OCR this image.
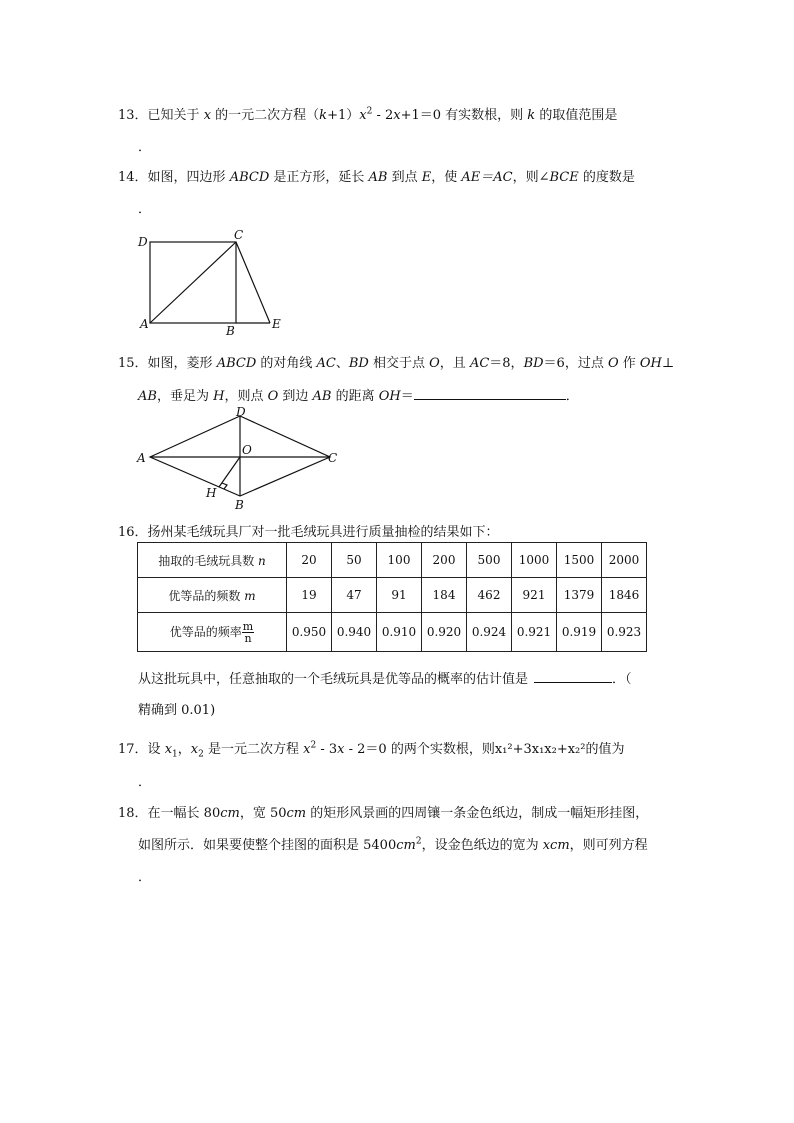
13．已知关于 x 的一元二次方程$(k+1)x^2 - 2x+1=0$ 有实数根，则 k 的取值范围是
．
14．如图，四边形 ABCD 是正方形，延长 AB 到点 E，使 AE＝AC，则∠BCE 的度数是
．
D	C
A	B	E
15．如图，菱形 ABCD 的对角线 AC、BD 相交于点 O，且 AC＝8，BD＝6，过点 O 作 OH⊥
AB，垂足为 H，则点 O 到边 AB 的距离 OH＝	．
A
D
O
C
B
H
16．扬州某毛绒玩具厂对一批毛绒玩具进行质量抽检的结果如下：
抽取的毛绒玩具数 n	20	50	100	200	500	1000	1500	2000
优等品的频数 m	19	47	91	184	462	921	1379	1846
优等品的频率 $\frac{m}{n}$	0.950	0.940	0.910	0.920	0.924	0.921	0.919	0.923
从这批玩具中，任意抽取的一个毛绒玩具是优等品的概率的估计值是	．（
精确到 0.01)
17．设 $x_1$，$x_2$ 是一元二次方程 $x^2 - 3x - 2=0$ 的两个实数根，则x₁²+3x₁x₂+x₂²的值为
．
18．在一幅长 80cm，宽 50cm 的矩形风景画的四周镶一条金色纸边，制成一幅矩形挂图，
如图所示．如果要使整个挂图的面积是 $5400cm^2$，设金色纸边的宽为 xcm，则可列方程
．
